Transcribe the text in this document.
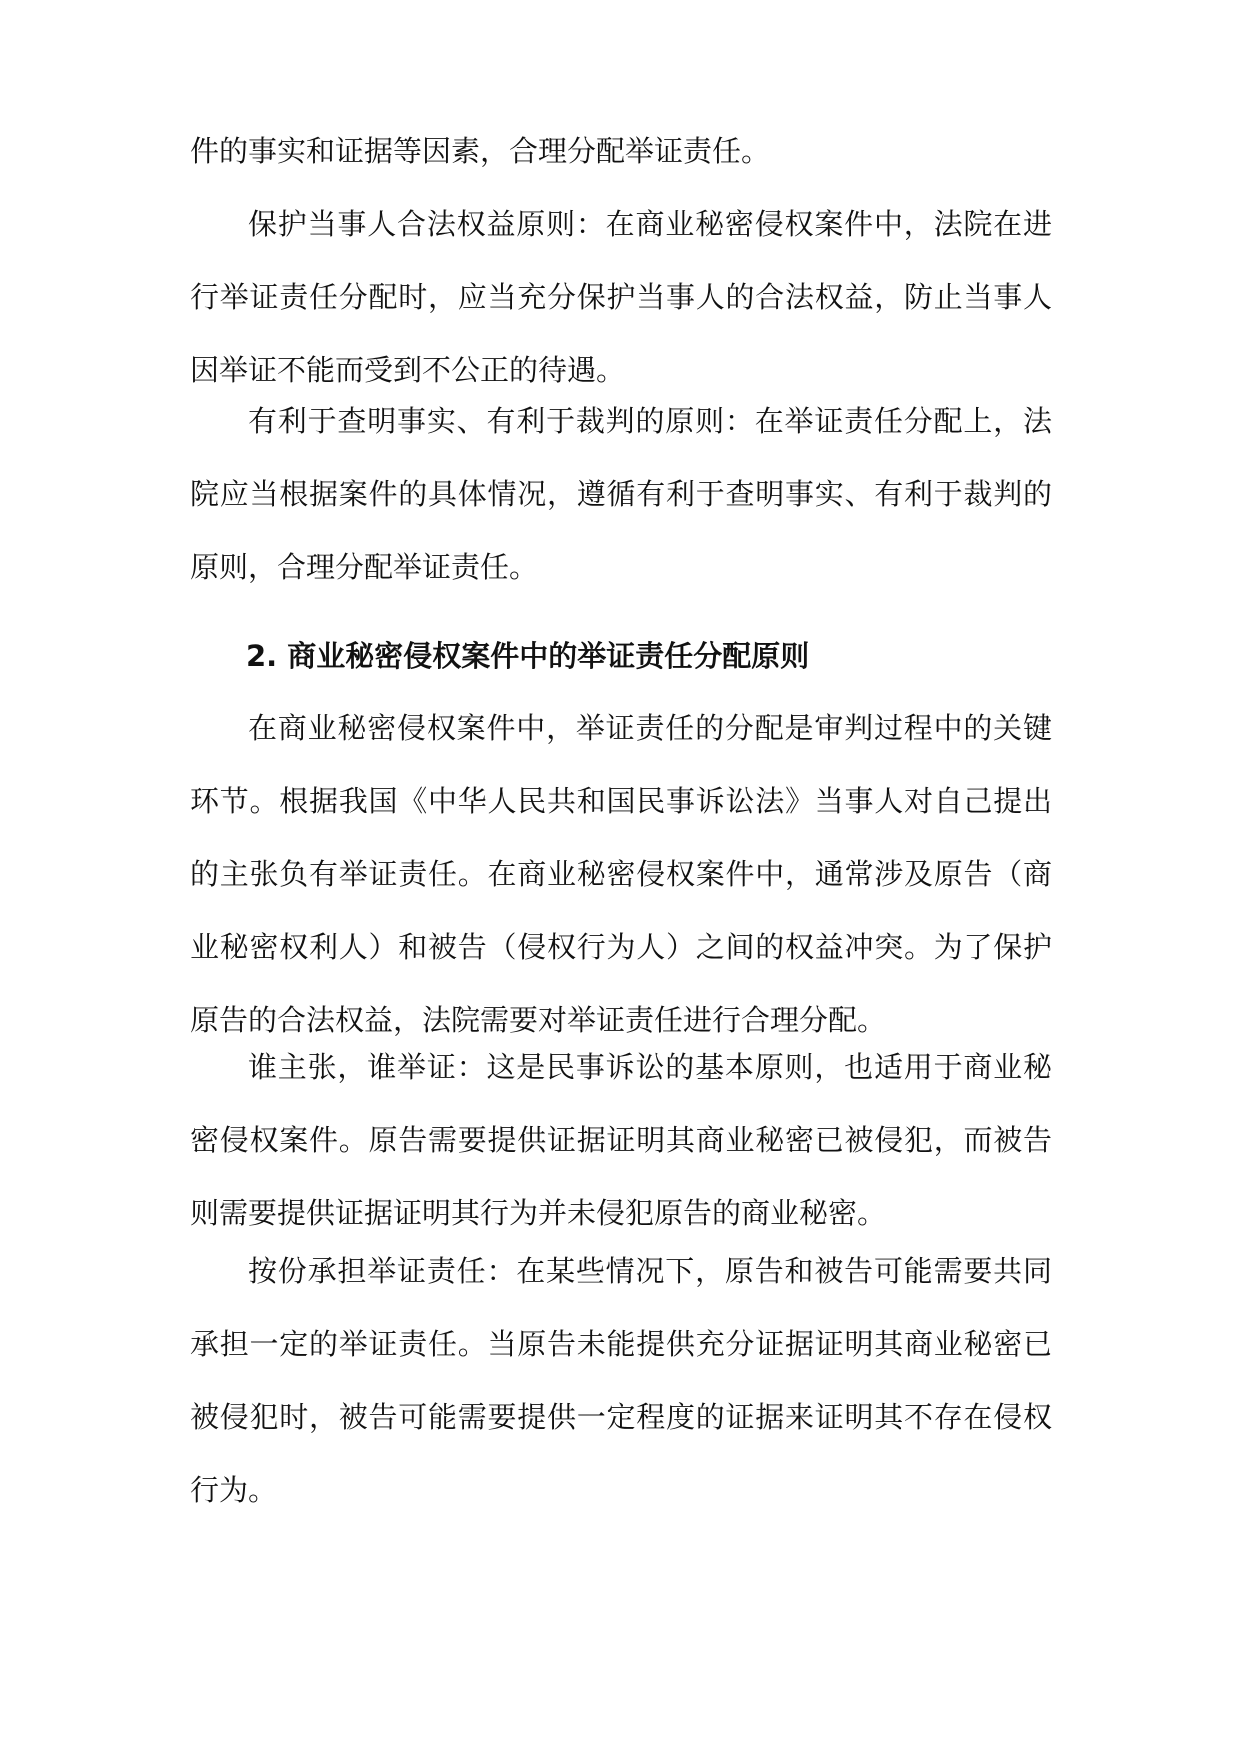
件的事实和证据等因素，合理分配举证责任。

保护当事人合法权益原则：在商业秘密侵权案件中，法院在进行举证责任分配时，应当充分保护当事人的合法权益，防止当事人因举证不能而受到不公正的待遇。

有利于查明事实、有利于裁判的原则：在举证责任分配上，法院应当根据案件的具体情况，遵循有利于查明事实、有利于裁判的原则，合理分配举证责任。

2. 商业秘密侵权案件中的举证责任分配原则

在商业秘密侵权案件中，举证责任的分配是审判过程中的关键环节。根据我国《中华人民共和国民事诉讼法》当事人对自己提出的主张负有举证责任。在商业秘密侵权案件中，通常涉及原告（商业秘密权利人）和被告（侵权行为人）之间的权益冲突。为了保护原告的合法权益，法院需要对举证责任进行合理分配。

谁主张，谁举证：这是民事诉讼的基本原则，也适用于商业秘密侵权案件。原告需要提供证据证明其商业秘密已被侵犯，而被告则需要提供证据证明其行为并未侵犯原告的商业秘密。

按份承担举证责任：在某些情况下，原告和被告可能需要共同承担一定的举证责任。当原告未能提供充分证据证明其商业秘密已被侵犯时，被告可能需要提供一定程度的证据来证明其不存在侵权行为。
